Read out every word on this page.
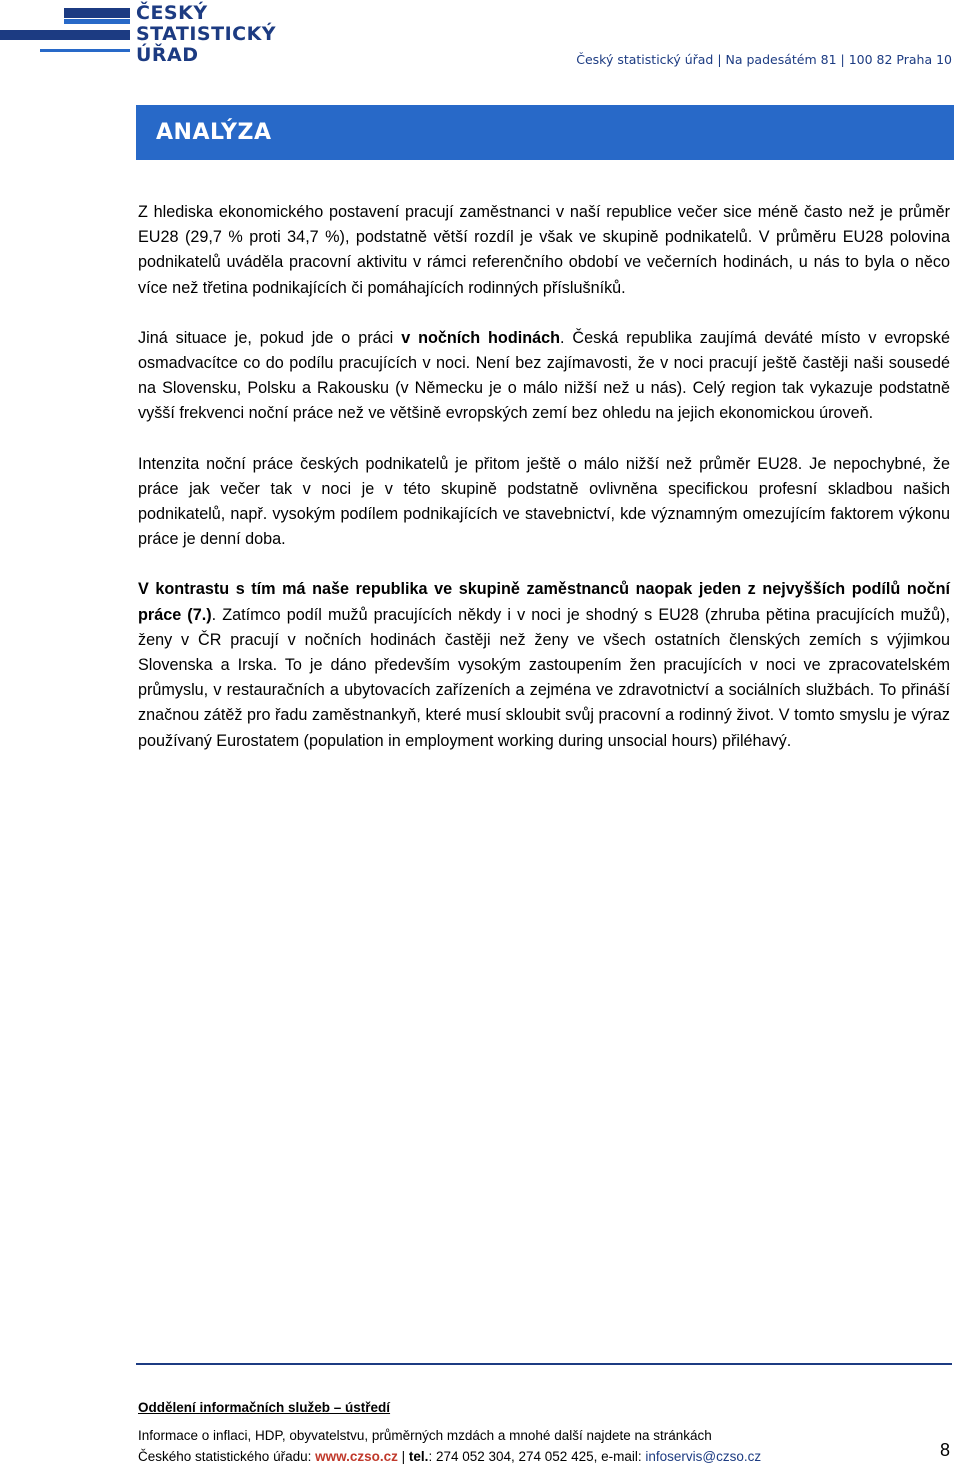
ČESKÝ
STATISTICKÝ
ÚŘAD	Český statistický úřad | Na padesátém 81 | 100 82 Praha 10
ANALÝZA

Z hlediska ekonomického postavení pracují zaměstnanci v naší republice večer sice méně často než je průměr EU28 (29,7 % proti 34,7 %), podstatně větší rozdíl je však ve skupině podnikatelů. V průměru EU28 polovina podnikatelů uváděla pracovní aktivitu v rámci referenčního období ve večerních hodinách, u nás to byla o něco více než třetina podnikajících či pomáhajících rodinných příslušníků.

Jiná situace je, pokud jde o práci v nočních hodinách. Česká republika zaujímá deváté místo v evropské osmadvacítce co do podílu pracujících v noci. Není bez zajímavosti, že v noci pracují ještě častěji naši sousedé na Slovensku, Polsku a Rakousku (v Německu je o málo nižší než u nás). Celý region tak vykazuje podstatně vyšší frekvenci noční práce než ve většině evropských zemí bez ohledu na jejich ekonomickou úroveň.

Intenzita noční práce českých podnikatelů je přitom ještě o málo nižší než průměr EU28. Je nepochybné, že práce jak večer tak v noci je v této skupině podstatně ovlivněna specifickou profesní skladbou našich podnikatelů, např. vysokým podílem podnikajících ve stavebnictví, kde významným omezujícím faktorem výkonu práce je denní doba.

V kontrastu s tím má naše republika ve skupině zaměstnanců naopak jeden z nejvyšších podílů noční práce (7.). Zatímco podíl mužů pracujících někdy i v noci je shodný s EU28 (zhruba pětina pracujících mužů), ženy v ČR pracují v nočních hodinách častěji než ženy ve všech ostatních členských zemích s výjimkou Slovenska a Irska. To je dáno především vysokým zastoupením žen pracujících v noci ve zpracovatelském průmyslu, v restauračních a ubytovacích zařízeních a zejména ve zdravotnictví a sociálních službách. To přináší značnou zátěž pro řadu zaměstnankyň, které musí skloubit svůj pracovní a rodinný život. V tomto smyslu je výraz používaný Eurostatem (population in employment working during unsocial hours) přiléhavý.

Oddělení informačních služeb – ústředí
Informace o inflaci, HDP, obyvatelstvu, průměrných mzdách a mnohé další najdete na stránkách
Českého statistického úřadu: www.czso.cz | tel.: 274 052 304, 274 052 425, e-mail: infoservis@czso.cz	8
